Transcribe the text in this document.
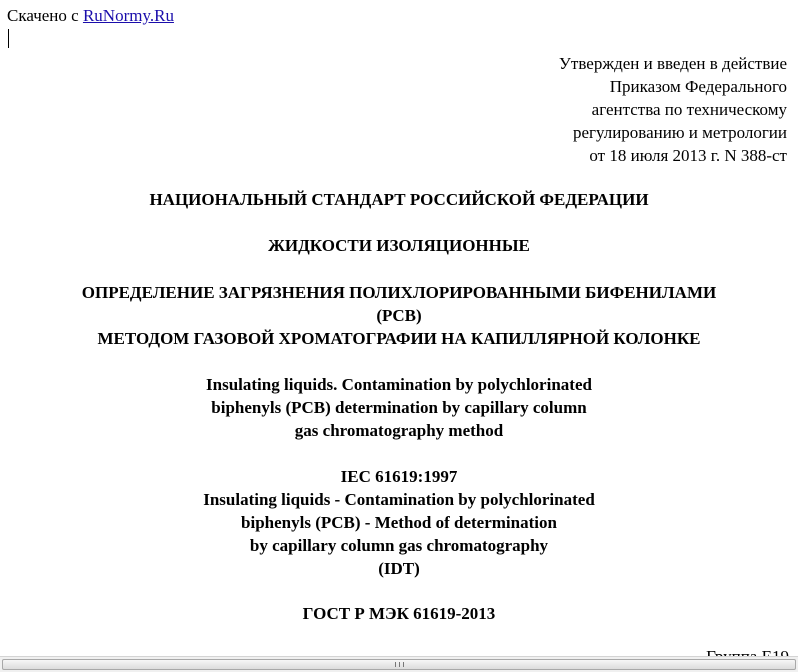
Скачено с RuNormy.Ru
Утвержден и введен в действие
Приказом Федерального
агентства по техническому
регулированию и метрологии
от 18 июля 2013 г. N 388-ст
НАЦИОНАЛЬНЫЙ СТАНДАРТ РОССИЙСКОЙ ФЕДЕРАЦИИ
ЖИДКОСТИ ИЗОЛЯЦИОННЫЕ
ОПРЕДЕЛЕНИЕ ЗАГРЯЗНЕНИЯ ПОЛИХЛОРИРОВАННЫМИ БИФЕНИЛАМИ
(PCB)
МЕТОДОМ ГАЗОВОЙ ХРОМАТОГРАФИИ НА КАПИЛЛЯРНОЙ КОЛОНКЕ
Insulating liquids. Contamination by polychlorinated
biphenyls (PCB) determination by capillary column
gas chromatography method
IEC 61619:1997
Insulating liquids - Contamination by polychlorinated
biphenyls (PCB) - Method of determination
by capillary column gas chromatography
(IDT)
ГОСТ Р МЭК 61619-2013
